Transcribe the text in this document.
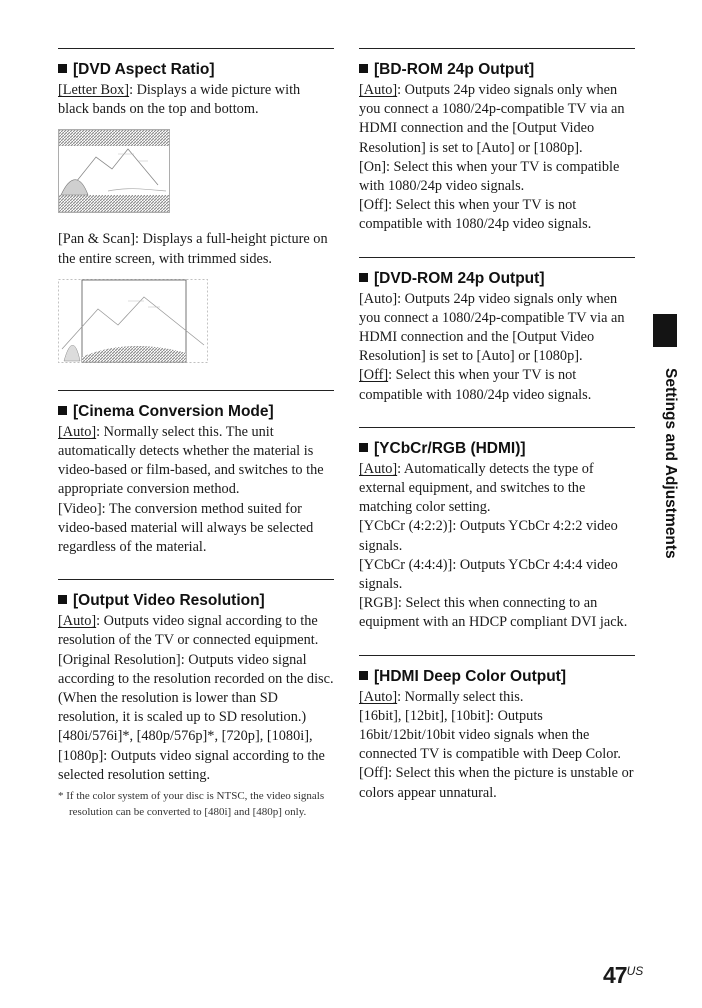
[DVD Aspect Ratio]

[Letter Box]: Displays a wide picture with black bands on the top and bottom.

[Pan & Scan]: Displays a full-height picture on the entire screen, with trimmed sides.

[Cinema Conversion Mode]

[Auto]: Normally select this. The unit automatically detects whether the material is video-based or film-based, and switches to the appropriate conversion method.

[Video]: The conversion method suited for video-based material will always be selected regardless of the material.

[Output Video Resolution]

[Auto]: Outputs video signal according to the resolution of the TV or connected equipment.

[Original Resolution]: Outputs video signal according to the resolution recorded on the disc. (When the resolution is lower than SD resolution, it is scaled up to SD resolution.)

[480i/576i]*, [480p/576p]*, [720p], [1080i], [1080p]: Outputs video signal according to the selected resolution setting.

* If the color system of your disc is NTSC, the video signals resolution can be converted to [480i] and [480p] only.

[BD-ROM 24p Output]

[Auto]: Outputs 24p video signals only when you connect a 1080/24p-compatible TV via an HDMI connection and the [Output Video Resolution] is set to [Auto] or [1080p].

[On]: Select this when your TV is compatible with 1080/24p video signals.

[Off]: Select this when your TV is not compatible with 1080/24p video signals.

[DVD-ROM 24p Output]

[Auto]: Outputs 24p video signals only when you connect a 1080/24p-compatible TV via an HDMI connection and the [Output Video Resolution] is set to [Auto] or [1080p].

[Off]: Select this when your TV is not compatible with 1080/24p video signals.

[YCbCr/RGB (HDMI)]

[Auto]: Automatically detects the type of external equipment, and switches to the matching color setting.

[YCbCr (4:2:2)]: Outputs YCbCr 4:2:2 video signals.

[YCbCr (4:4:4)]: Outputs YCbCr 4:4:4 video signals.

[RGB]: Select this when connecting to an equipment with an HDCP compliant DVI jack.

[HDMI Deep Color Output]

[Auto]: Normally select this.

[16bit], [12bit], [10bit]: Outputs 16bit/12bit/10bit video signals when the connected TV is compatible with Deep Color.

[Off]: Select this when the picture is unstable or colors appear unnatural.

Settings and Adjustments
$47^{US}$
